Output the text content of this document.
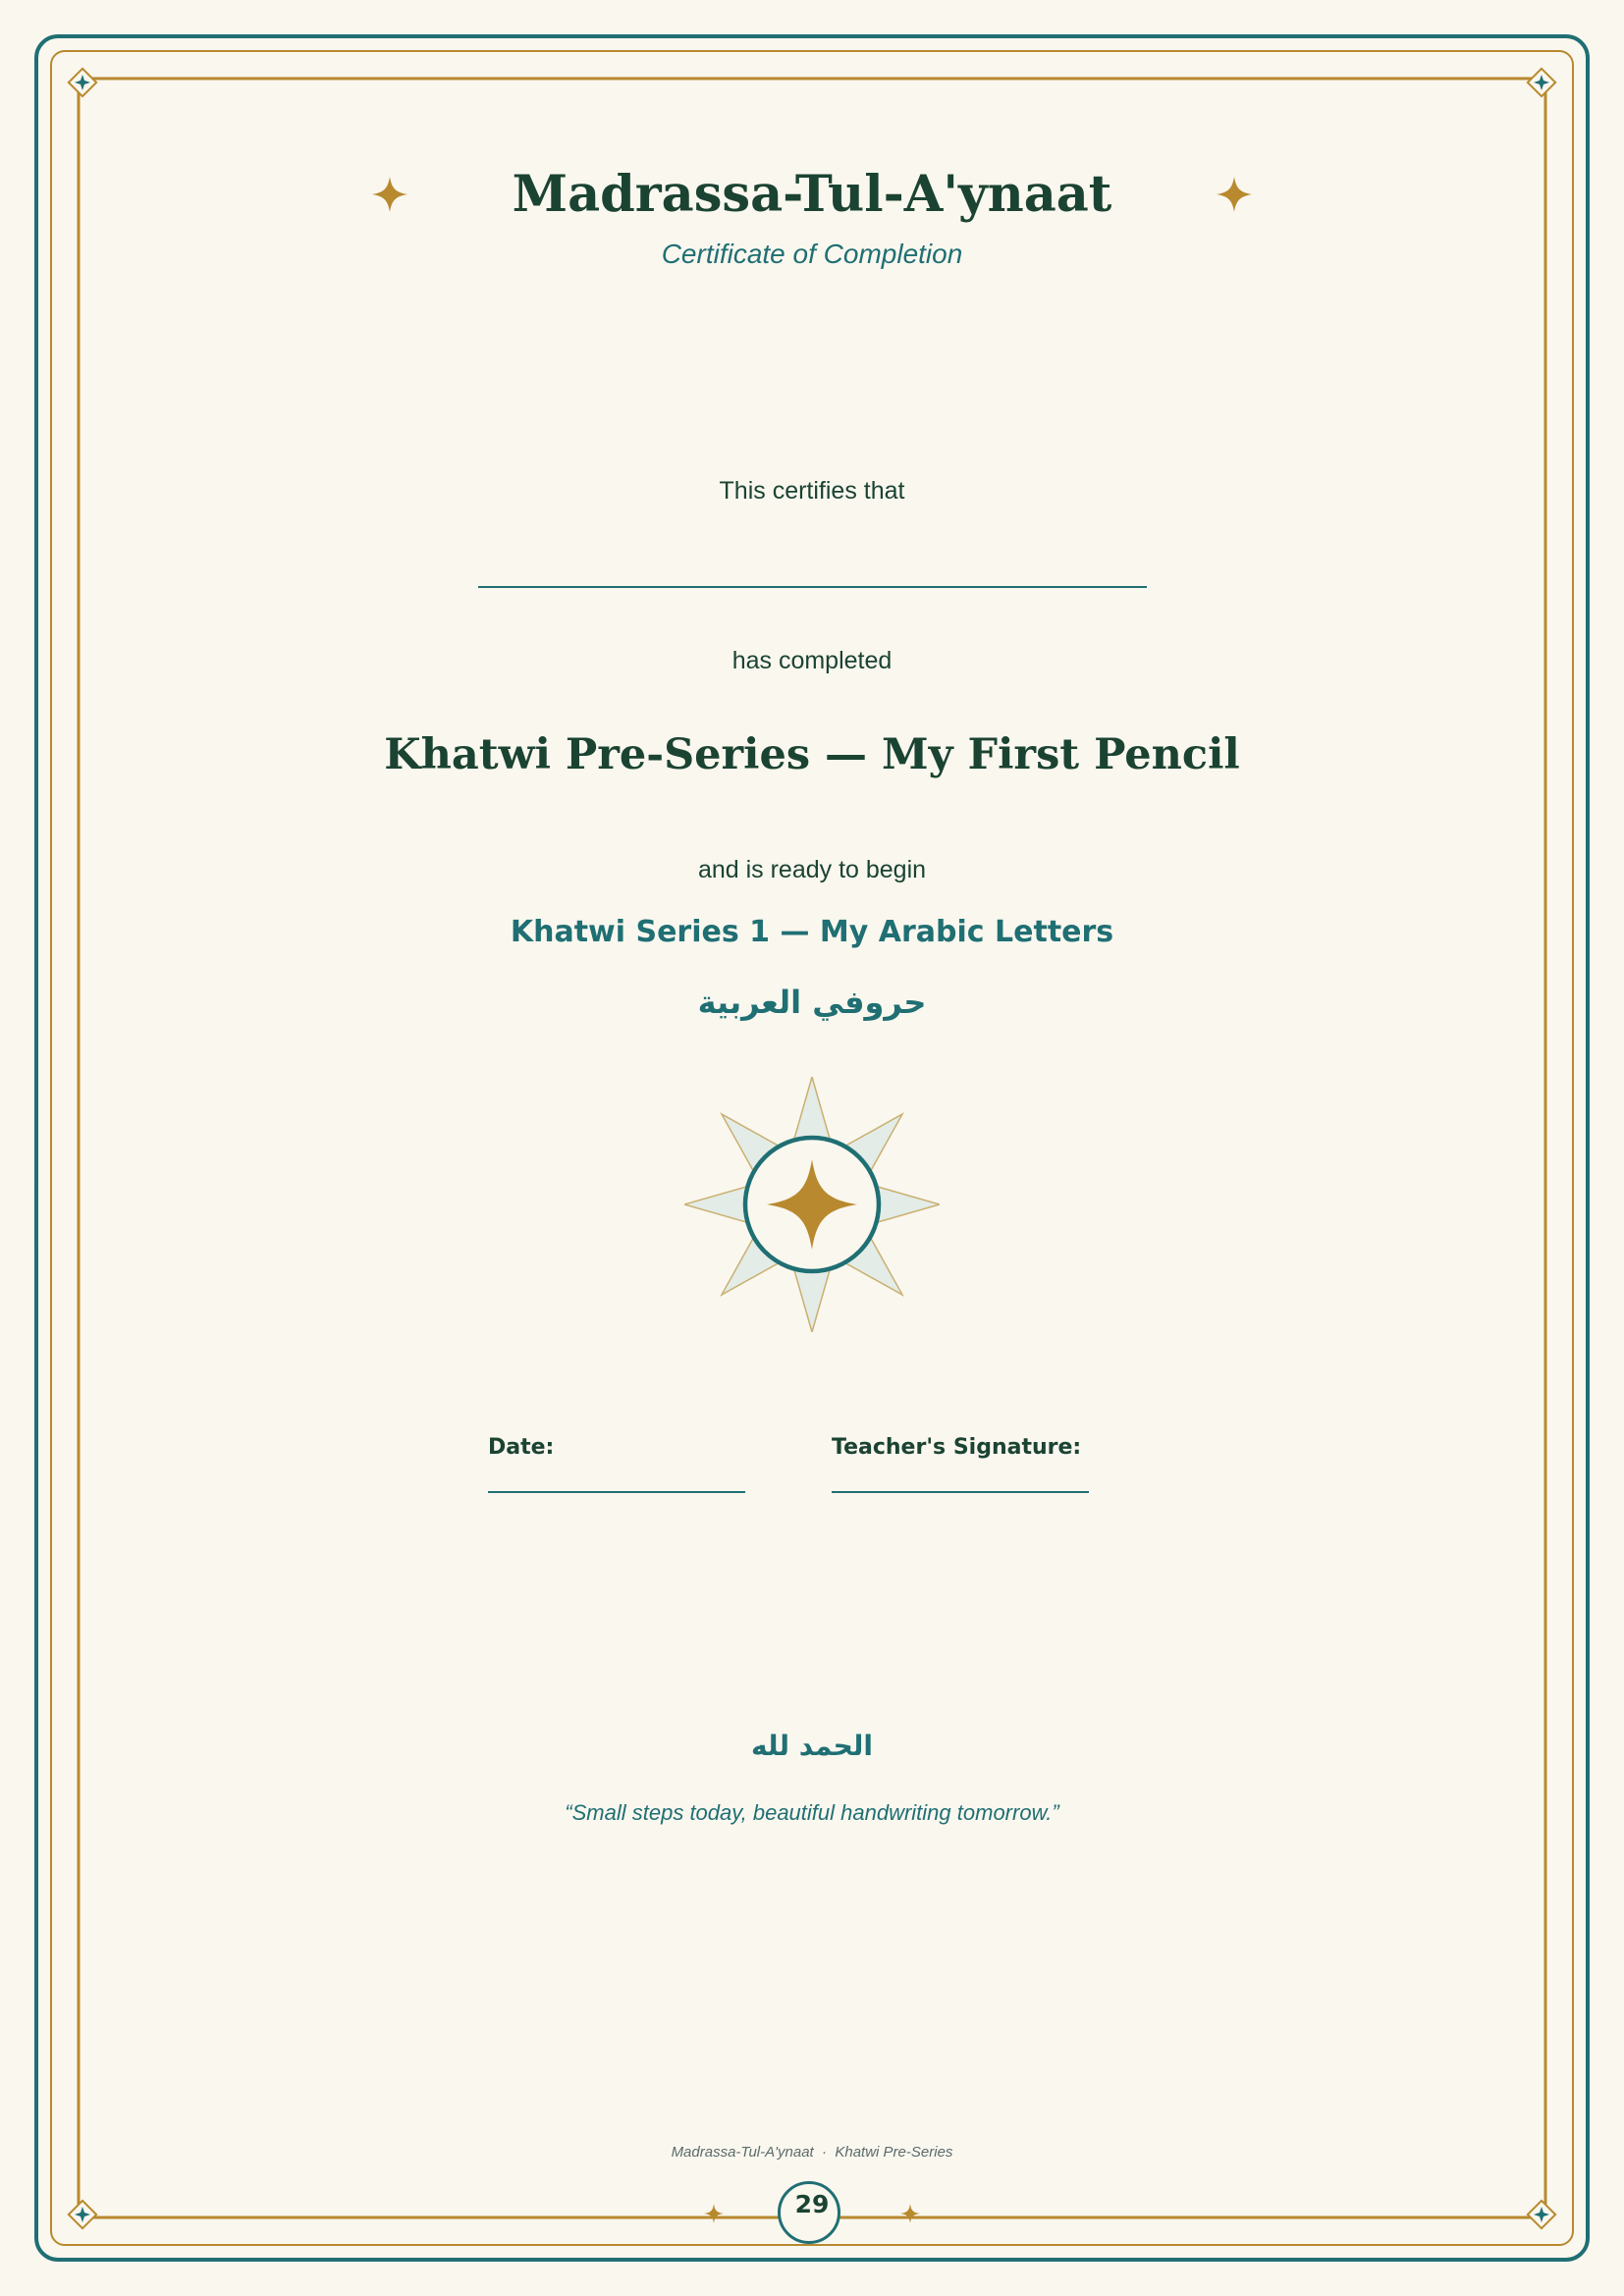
Madrassa-Tul-A'ynaat
Certificate of Completion
This certifies that
has completed
Khatwi Pre-Series — My First Pencil
and is ready to begin
Khatwi Series 1 — My Arabic Letters
حروفي العربية
Date:	Teacher's Signature:
الحمد لله
“Small steps today, beautiful handwriting tomorrow.”
Madrassa-Tul-A'ynaat  ·  Khatwi Pre-Series
29
